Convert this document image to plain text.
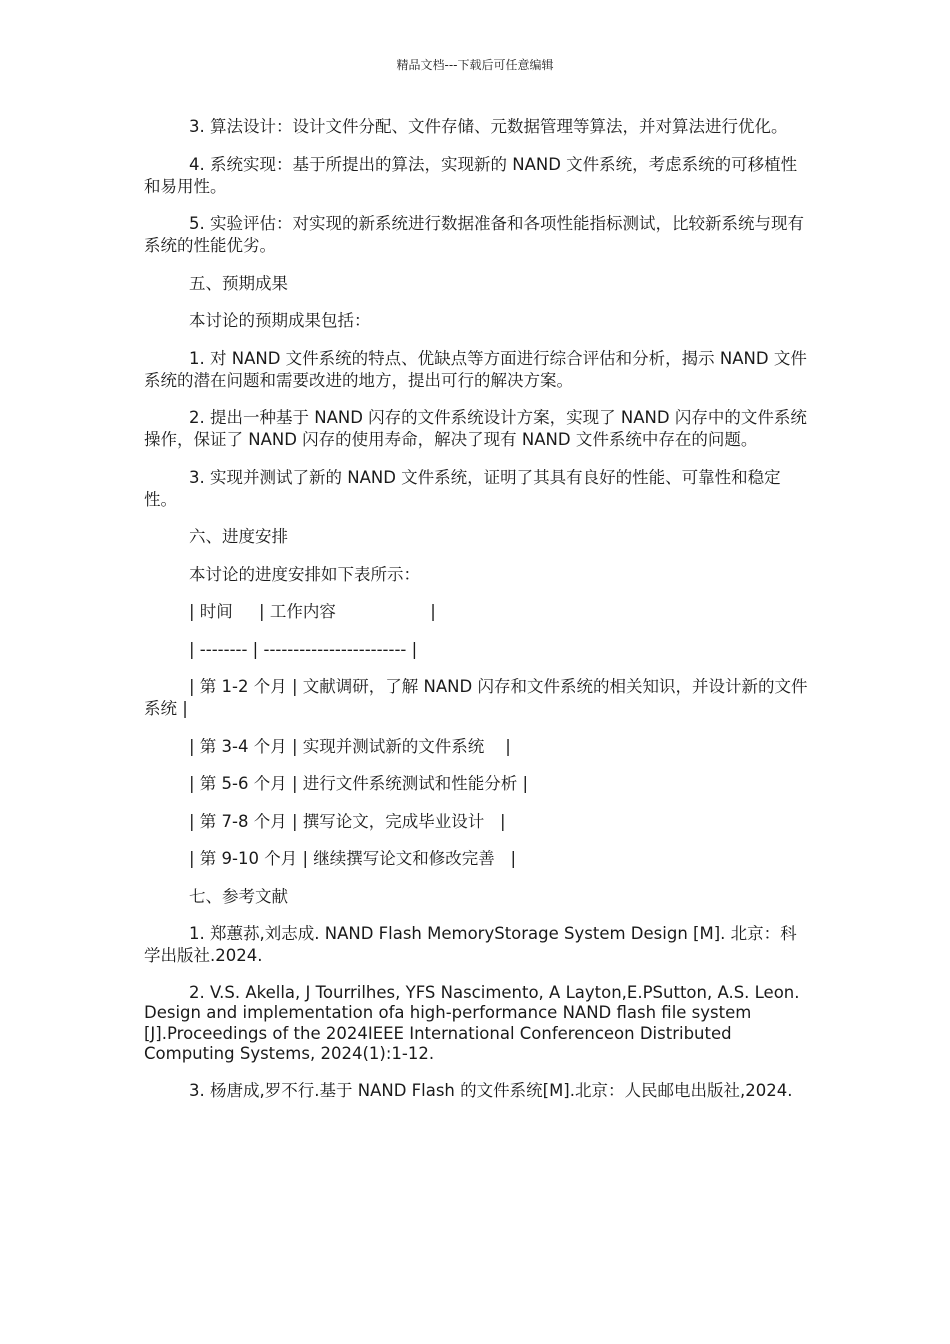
精品文档---下载后可任意编辑

3. 算法设计：设计文件分配、文件存储、元数据管理等算法，并对算法进行优化。

4. 系统实现：基于所提出的算法，实现新的 NAND 文件系统，考虑系统的可移植性和易用性。

5. 实验评估：对实现的新系统进行数据准备和各项性能指标测试，比较新系统与现有系统的性能优劣。

五、预期成果

本讨论的预期成果包括：

1. 对 NAND 文件系统的特点、优缺点等方面进行综合评估和分析，揭示 NAND 文件系统的潜在问题和需要改进的地方，提出可行的解决方案。

2. 提出一种基于 NAND 闪存的文件系统设计方案，实现了 NAND 闪存中的文件系统操作，保证了 NAND 闪存的使用寿命，解决了现有 NAND 文件系统中存在的问题。

3. 实现并测试了新的 NAND 文件系统，证明了其具有良好的性能、可靠性和稳定性。

六、进度安排

本讨论的进度安排如下表所示：

| 时间     | 工作内容                  |

| -------- | ------------------------ |

| 第 1-2 个月 | 文献调研，了解 NAND 闪存和文件系统的相关知识，并设计新的文件系统 |

| 第 3-4 个月 | 实现并测试新的文件系统    |

| 第 5-6 个月 | 进行文件系统测试和性能分析 |

| 第 7-8 个月 | 撰写论文，完成毕业设计   |

| 第 9-10 个月 | 继续撰写论文和修改完善   |

七、参考文献

1. 郑蕙荪,刘志成. NAND Flash MemoryStorage System Design [M]. 北京：科学出版社.2024.

2. V.S. Akella, J Tourrilhes, YFS Nascimento, A Layton,E.PSutton, A.S. Leon. Design and implementation ofa high-performance NAND flash file system [J].Proceedings of the 2024IEEE International Conferenceon Distributed Computing Systems, 2024(1):1-12.

3. 杨唐成,罗不行.基于 NAND Flash 的文件系统[M].北京：人民邮电出版社,2024.
